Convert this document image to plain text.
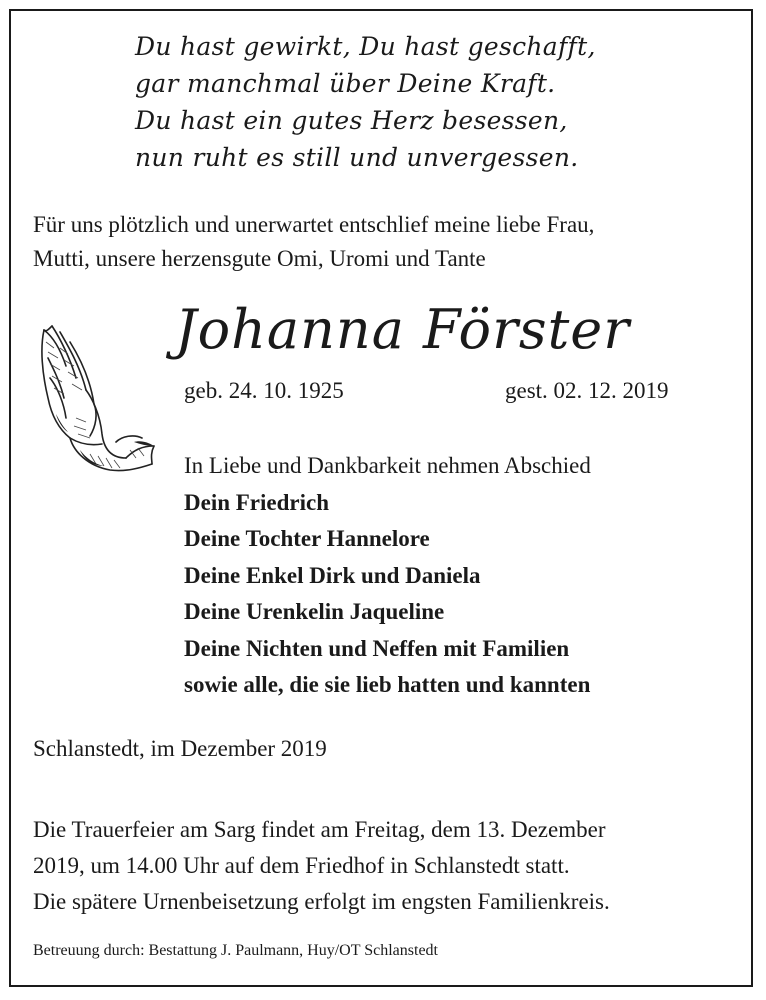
Du hast gewirkt, Du hast geschafft,
gar manchmal über Deine Kraft.
Du hast ein gutes Herz besessen,
nun ruht es still und unvergessen.
Für uns plötzlich und unerwartet entschlief meine liebe Frau,
Mutti, unsere herzensgute Omi, Uromi und Tante
Johanna Förster
geb. 24. 10. 1925	gest. 02. 12. 2019
In Liebe und Dankbarkeit nehmen Abschied
Dein Friedrich
Deine Tochter Hannelore
Deine Enkel Dirk und Daniela
Deine Urenkelin Jaqueline
Deine Nichten und Neffen mit Familien
sowie alle, die sie lieb hatten und kannten
Schlanstedt, im Dezember 2019
Die Trauerfeier am Sarg findet am Freitag, dem 13. Dezember
2019, um 14.00 Uhr auf dem Friedhof in Schlanstedt statt.
Die spätere Urnenbeisetzung erfolgt im engsten Familienkreis.
Betreuung durch: Bestattung J. Paulmann, Huy/OT Schlanstedt
